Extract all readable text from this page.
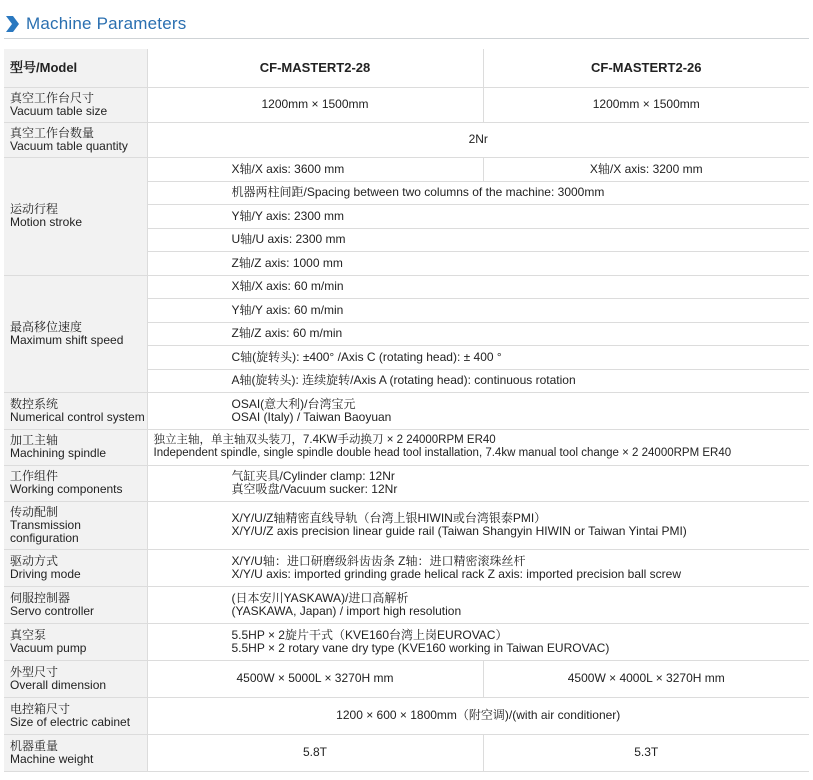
Machine Parameters
型号/Model	CF-MASTERT2-28	CF-MASTERT2-26

真空工作台尺寸
Vacuum table size	1200mm × 1500mm	1200mm × 1500mm

真空工作台数量
Vacuum table quantity	2Nr	

运动行程
Motion stroke	X轴/X axis: 3600 mm	X轴/X axis: 3200 mm
	机器两柱间距/Spacing between two columns of the machine: 3000mm	
	Y轴/Y axis: 2300 mm	
	U轴/U axis: 2300 mm	
	Z轴/Z axis: 1000 mm	

最高移位速度
Maximum shift speed	X轴/X axis: 60 m/min	
	Y轴/Y axis: 60 m/min	
	Z轴/Z axis: 60 m/min	
	C轴(旋转头): ±400° /Axis C (rotating head): ± 400 °	
	A轴(旋转头): 连续旋转/Axis A (rotating head): continuous rotation	

数控系统
Numerical control system	OSAI(意大利)/台湾宝元
OSAI (Italy) / Taiwan Baoyuan	

加工主轴
Machining spindle	独立主轴，单主轴双头装刀，7.4KW手动换刀 × 2 24000RPM ER40
Independent spindle, single spindle double head tool installation, 7.4kw manual tool change × 2 24000RPM ER40	

工作组件
Working components	气缸夹具/Cylinder clamp: 12Nr
真空吸盘/Vacuum sucker: 12Nr	

传动配制
Transmission
configuration	X/Y/U/Z轴精密直线导轨（台湾上银HIWIN或台湾银泰PMI）
X/Y/U/Z axis precision linear guide rail (Taiwan Shangyin HIWIN or Taiwan Yintai PMI)	

驱动方式
Driving mode	X/Y/U轴：进口研磨级斜齿齿条 Z轴：进口精密滚珠丝杆
X/Y/U axis: imported grinding grade helical rack Z axis: imported precision ball screw	

伺服控制器
Servo controller	(日本安川YASKAWA)/进口高解析
(YASKAWA, Japan) / import high resolution	

真空泵
Vacuum pump	5.5HP × 2旋片干式（KVE160台湾上岗EUROVAC）
5.5HP × 2 rotary vane dry type (KVE160 working in Taiwan EUROVAC)	

外型尺寸
Overall dimension	4500W × 5000L × 3270H mm	4500W × 4000L × 3270H mm

电控箱尺寸
Size of electric cabinet	1200 × 600 × 1800mm（附空调)/(with air conditioner)	

机器重量
Machine weight	5.8T	5.3T
